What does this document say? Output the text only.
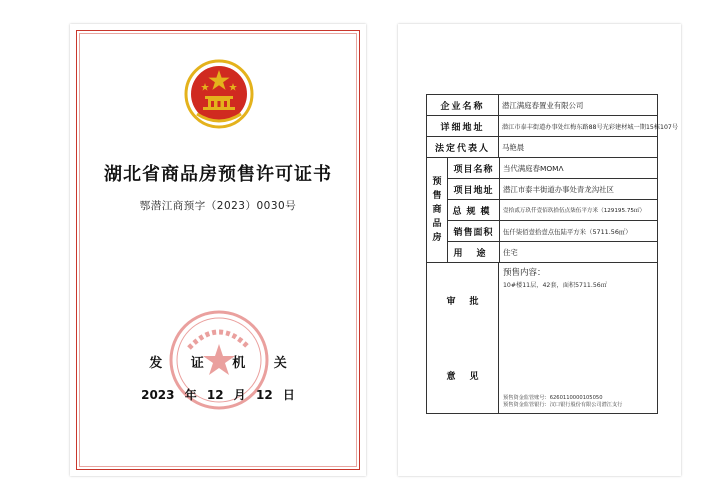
湖北省商品房预售许可证书
鄂潜江商预字（2023）0030号
发 证 机 关
2023 年 12 月 12 日
企业名称	潜江满庭春置业有限公司
详细地址	潜江市泰丰街道办事处红梅东路88号光彩建材城一期15栋107号
法定代表人	马艳晨
预
售
商
品
房
项目名称	当代满庭春MOMΛ
项目地址	潜江市泰丰街道办事处青龙沟社区
总规模	壹拾贰万玖仟壹佰玖拾伍点柒伍平方米（129195.75㎡）
销售面积	伍仟柒佰壹拾壹点伍陆平方米（5711.56㎡）
用途 住宅
审批
意见
预售内容：
10#楼11层，42套，面积5711.56㎡
预售资金监管账号：6260110000105050
预售资金监管银行：汉口银行股份有限公司潜江支行
